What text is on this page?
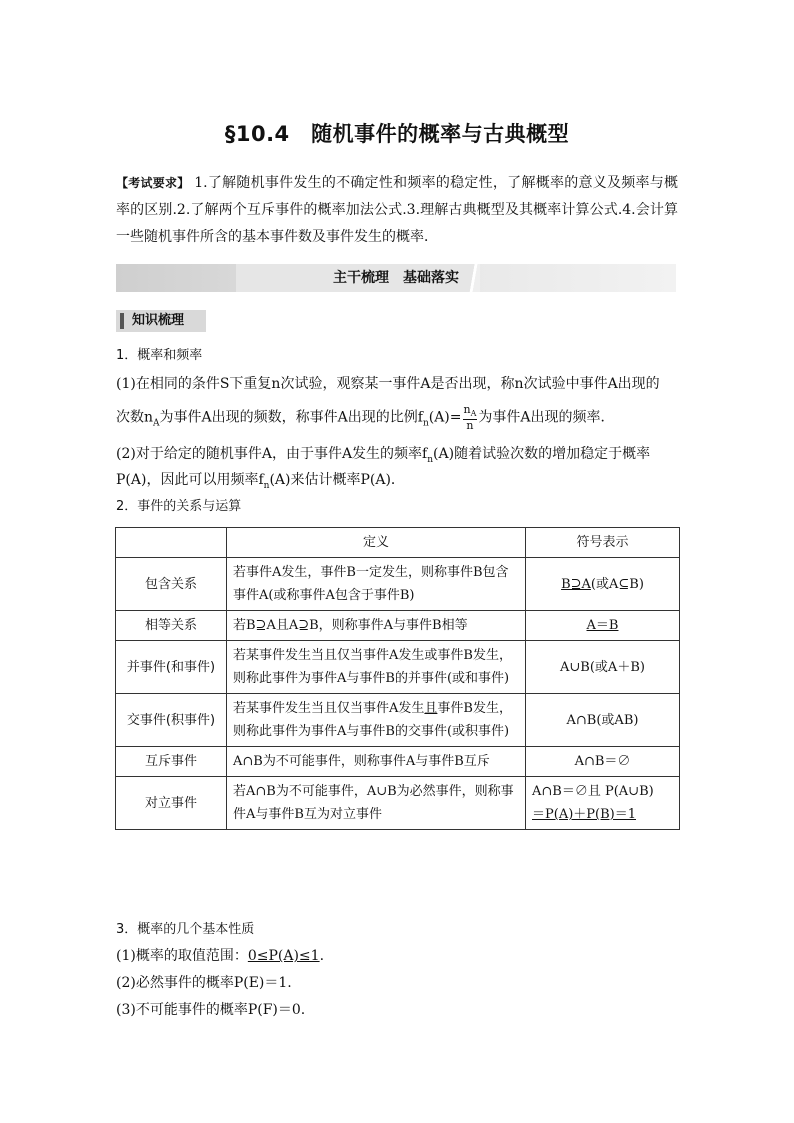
§10.4　随机事件的概率与古典概型
【考试要求】 1.了解随机事件发生的不确定性和频率的稳定性，了解概率的意义及频率与概率的区别.2.了解两个互斥事件的概率加法公式.3.理解古典概型及其概率计算公式.4.会计算一些随机事件所含的基本事件数及事件发生的概率．
主干梳理　基础落实
知识梳理
1．概率和频率
(1)在相同的条件S下重复n次试验，观察某一事件A是否出现，称n次试验中事件A出现的
次数$n_A$为事件A出现的频数，称事件A出现的比例$f_n(A)= \frac{n_A}{n}$ 为事件A出现的频率．
(2)对于给定的随机事件A，由于事件A发生的频率$f_n(A)$随着试验次数的增加稳定于概率
P(A)，因此可以用频率$f_n(A)$来估计概率P(A)．
2．事件的关系与运算
	定义	符号表示
包含关系	若事件A发生，事件B一定发生，则称事件B包含事件A(或称事件A包含于事件B)	B⊇A(或A⊆B)
相等关系	若B⊇A且A⊇B，则称事件A与事件B相等	A＝B
并事件(和事件)	若某事件发生当且仅当事件A发生或事件B发生，则称此事件为事件A与事件B的并事件(或和事件)	A∪B(或A＋B)
交事件(积事件)	若某事件发生当且仅当事件A发生且事件B发生，则称此事件为事件A与事件B的交事件(或积事件)	A∩B(或AB)
互斥事件	A∩B为不可能事件，则称事件A与事件B互斥	A∩B＝∅
对立事件	若A∩B为不可能事件，A∪B为必然事件，则称事件A与事件B互为对立事件	A∩B＝∅且 P(A∪B)
＝P(A)＋P(B)＝1
3．概率的几个基本性质
(1)概率的取值范围：0≤P(A)≤1.
(2)必然事件的概率P(E)＝1.
(3)不可能事件的概率P(F)＝0.
